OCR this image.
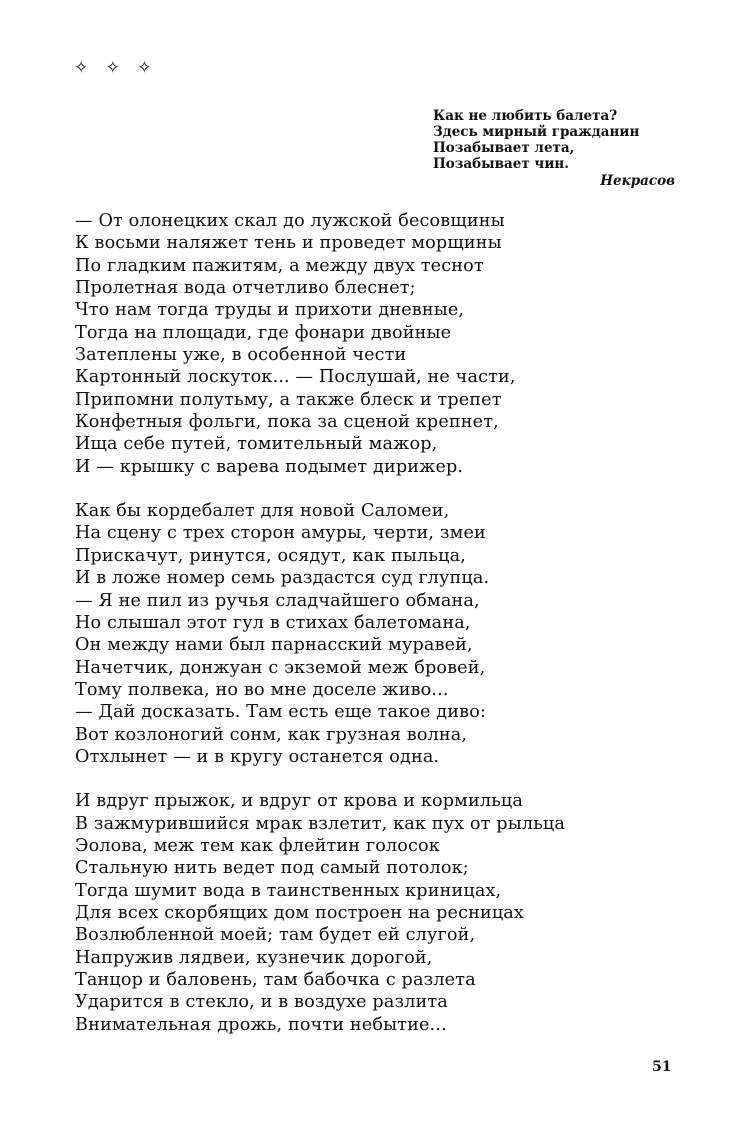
✧ ✧ ✧
Как не любить балета?
Здесь мирный гражданин
Позабывает лета,
Позабывает чин.
Некрасов
— От олонецких скал до лужской бесовщины
К восьми наляжет тень и проведет морщины
По гладким пажитям, а между двух теснот
Пролетная вода отчетливо блеснет;
Что нам тогда труды и прихоти дневные,
Тогда на площади, где фонари двойные
Затеплены уже, в особенной чести
Картонный лоскуток... — Послушай, не части,
Припомни полутьму, а также блеск и трепет
Конфетныя фольги, пока за сценой крепнет,
Ища себе путей, томительный мажор,
И — крышку с варева подымет дирижер.
Как бы кордебалет для новой Саломеи,
На сцену с трех сторон амуры, черти, змеи
Прискачут, ринутся, осядут, как пыльца,
И в ложе номер семь раздастся суд глупца.
— Я не пил из ручья сладчайшего обмана,
Но слышал этот гул в стихах балетомана,
Он между нами был парнасский муравей,
Начетчик, донжуан с экземой меж бровей,
Тому полвека, но во мне доселе живо...
— Дай досказать. Там есть еще такое диво:
Вот козлоногий сонм, как грузная волна,
Отхлынет — и в кругу останется одна.
И вдруг прыжок, и вдруг от крова и кормильца
В зажмурившийся мрак взлетит, как пух от рыльца
Эолова, меж тем как флейтин голосок
Стальную нить ведет под самый потолок;
Тогда шумит вода в таинственных криницах,
Для всех скорбящих дом построен на ресницах
Возлюбленной моей; там будет ей слугой,
Напружив лядвеи, кузнечик дорогой,
Танцор и баловень, там бабочка с разлета
Ударится в стекло, и в воздухе разлита
Внимательная дрожь, почти небытие...
51
